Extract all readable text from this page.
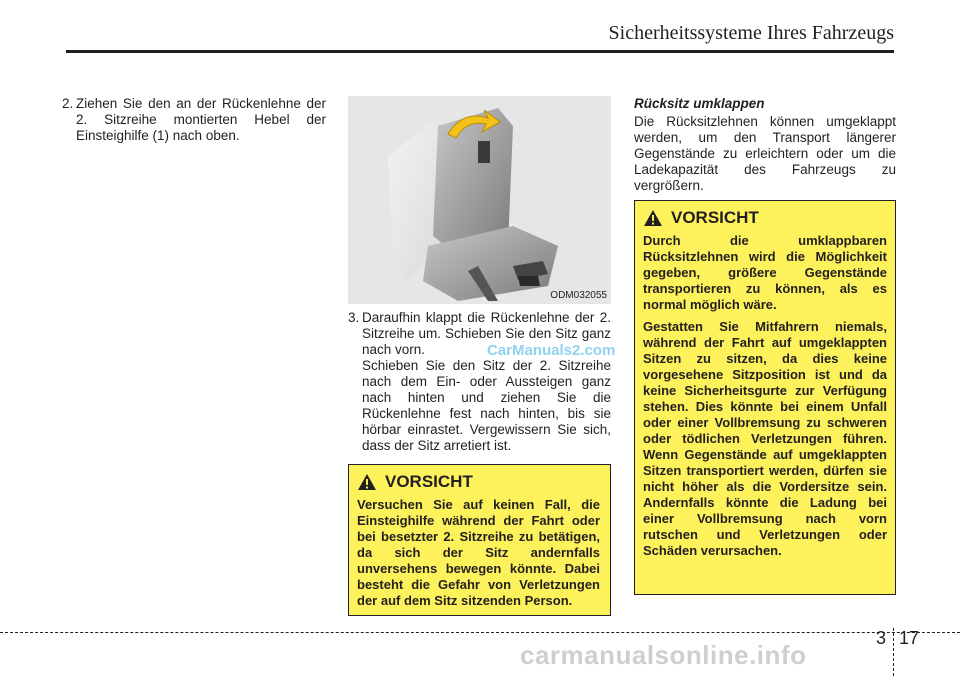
Sicherheitssysteme Ihres Fahrzeugs
2. Ziehen Sie den an der Rückenlehne der 2. Sitzreihe montierten Hebel der Einsteighilfe (1) nach oben.
ODM032055
3. Daraufhin klappt die Rückenlehne der 2. Sitzreihe um. Schieben Sie den Sitz ganz nach vorn.
Schieben Sie den Sitz der 2. Sitzreihe nach dem Ein- oder Aussteigen ganz nach hinten und ziehen Sie die Rückenlehne fest nach hinten, bis sie hörbar einrastet. Vergewissern Sie sich, dass der Sitz arretiert ist.
CarManuals2.com
VORSICHT

Versuchen Sie auf keinen Fall, die Einsteighilfe während der Fahrt oder bei besetzter 2. Sitzreihe zu betätigen, da sich der Sitz andernfalls unversehens bewegen könnte. Dabei besteht die Gefahr von Verletzungen der auf dem Sitz sitzenden Person.

Rücksitz umklappen
Die Rücksitzlehnen können umgeklappt werden, um den Transport längerer Gegenstände zu erleichtern oder um die Ladekapazität des Fahrzeugs zu vergrößern.
VORSICHT

Durch die umklappbaren Rücksitzlehnen wird die Möglichkeit gegeben, größere Gegenstände transportieren zu können, als es normal möglich wäre.

Gestatten Sie Mitfahrern niemals, während der Fahrt auf umgeklappten Sitzen zu sitzen, da dies keine vorgesehene Sitzposition ist und da keine Sicherheitsgurte zur Verfügung stehen. Dies könnte bei einem Unfall oder einer Vollbremsung zu schweren oder tödlichen Verletzungen führen. Wenn Gegenstände auf umgeklappten Sitzen transportiert werden, dürfen sie nicht höher als die Vordersitze sein. Andernfalls könnte die Ladung bei einer Vollbremsung nach vorn rutschen und Verletzungen oder Schäden verursachen.

3 17
carmanualsonline.info
